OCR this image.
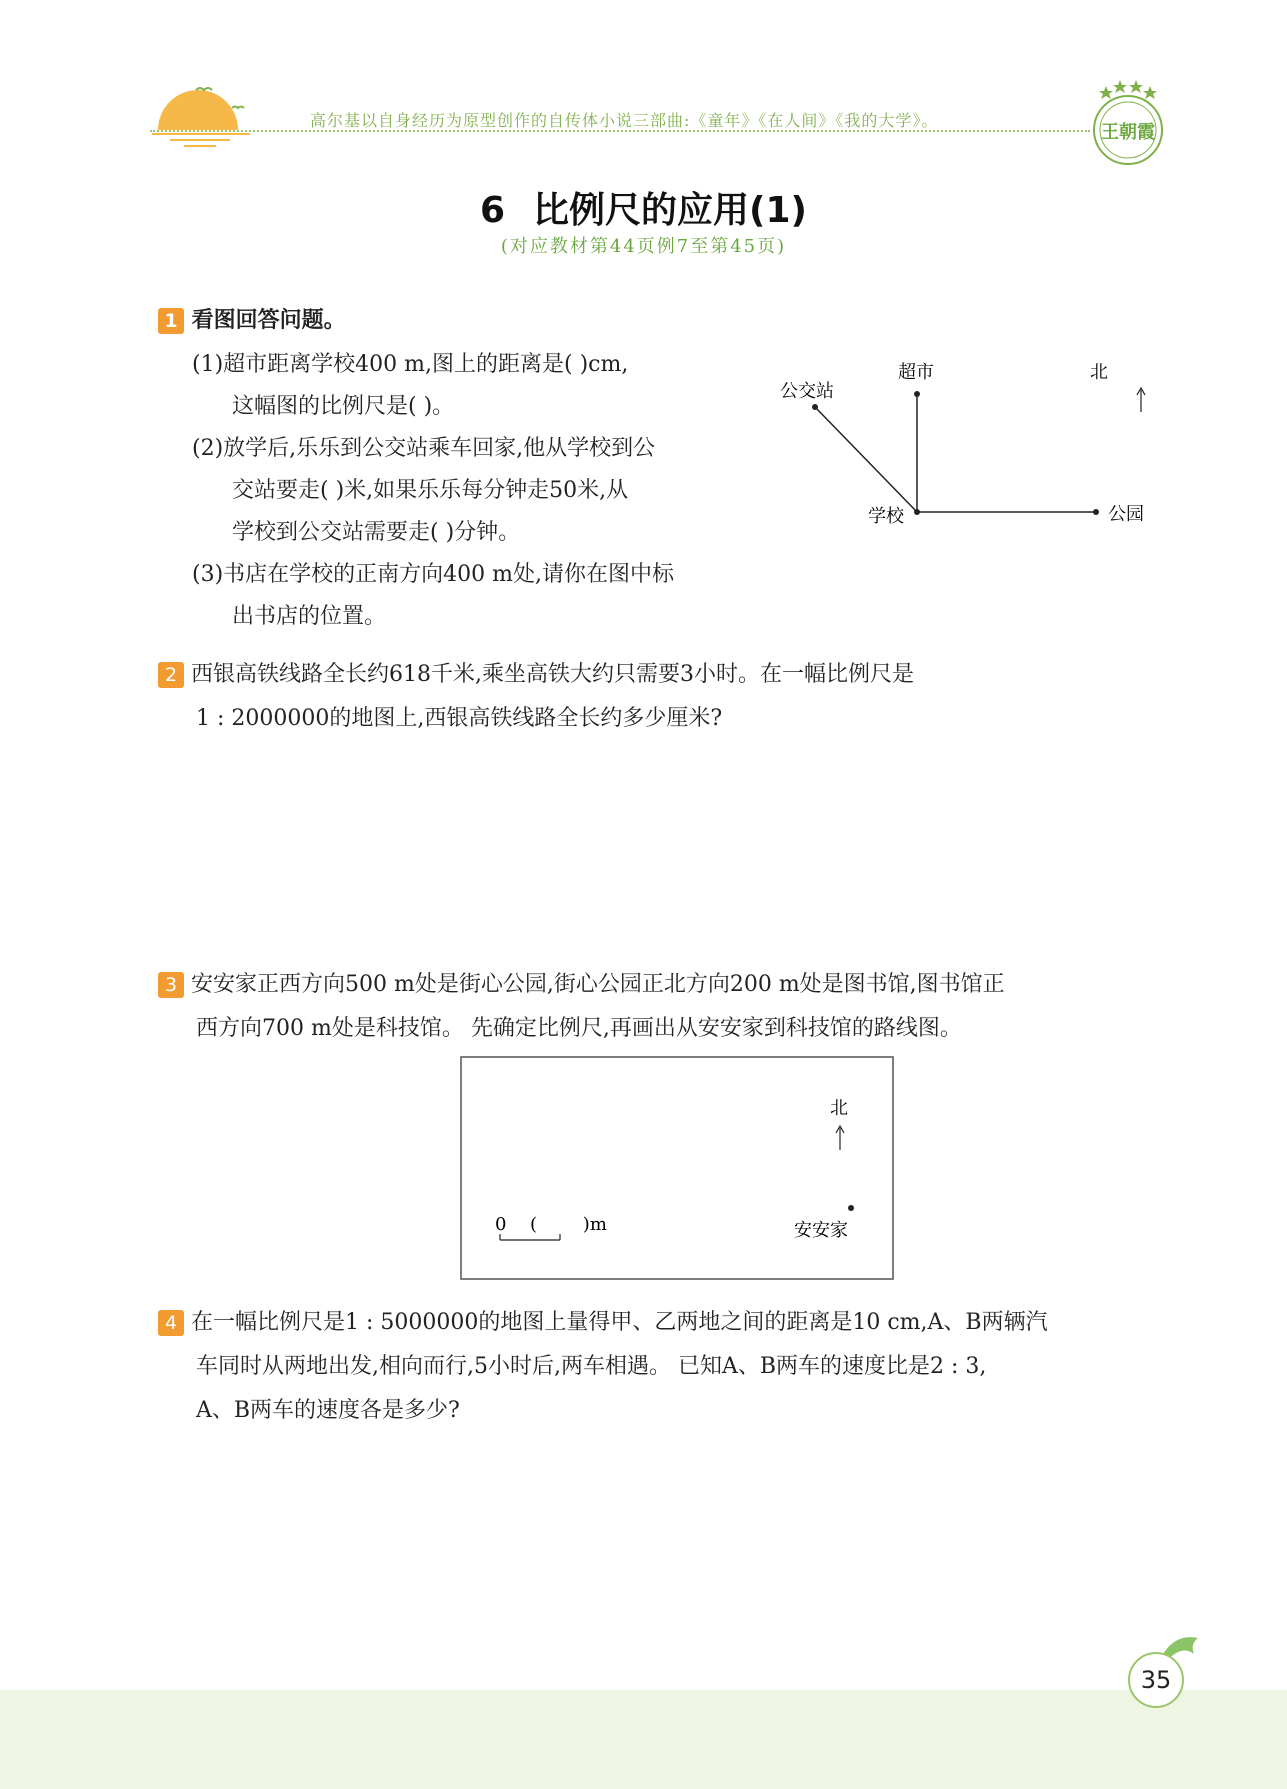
高尔基以自身经历为原型创作的自传体小说三部曲:《童年》《在人间》《我的大学》。
王朝霞
6 比例尺的应用(1)
(对应教材第44页例7至第45页)
1 看图回答问题。
(1)超市距离学校400 m,图上的距离是( )cm,
这幅图的比例尺是( )。
(2)放学后,乐乐到公交站乘车回家,他从学校到公
交站要走( )米,如果乐乐每分钟走50米,从
学校到公交站需要走( )分钟。
(3)书店在学校的正南方向400 m处,请你在图中标
出书店的位置。
公交站
超市	北
学校	公园
2 西银高铁线路全长约618千米,乘坐高铁大约只需要3小时。在一幅比例尺是
1 : 2000000的地图上,西银高铁线路全长约多少厘米?
3 安安家正西方向500 m处是街心公园,街心公园正北方向200 m处是图书馆,图书馆正
西方向700 m处是科技馆。 先确定比例尺,再画出从安安家到科技馆的路线图。
北
安安家
0 (        )m
4 在一幅比例尺是1 : 5000000的地图上量得甲、乙两地之间的距离是10 cm,A、B两辆汽
车同时从两地出发,相向而行,5小时后,两车相遇。 已知A、B两车的速度比是2 : 3,
A、B两车的速度各是多少?
35
